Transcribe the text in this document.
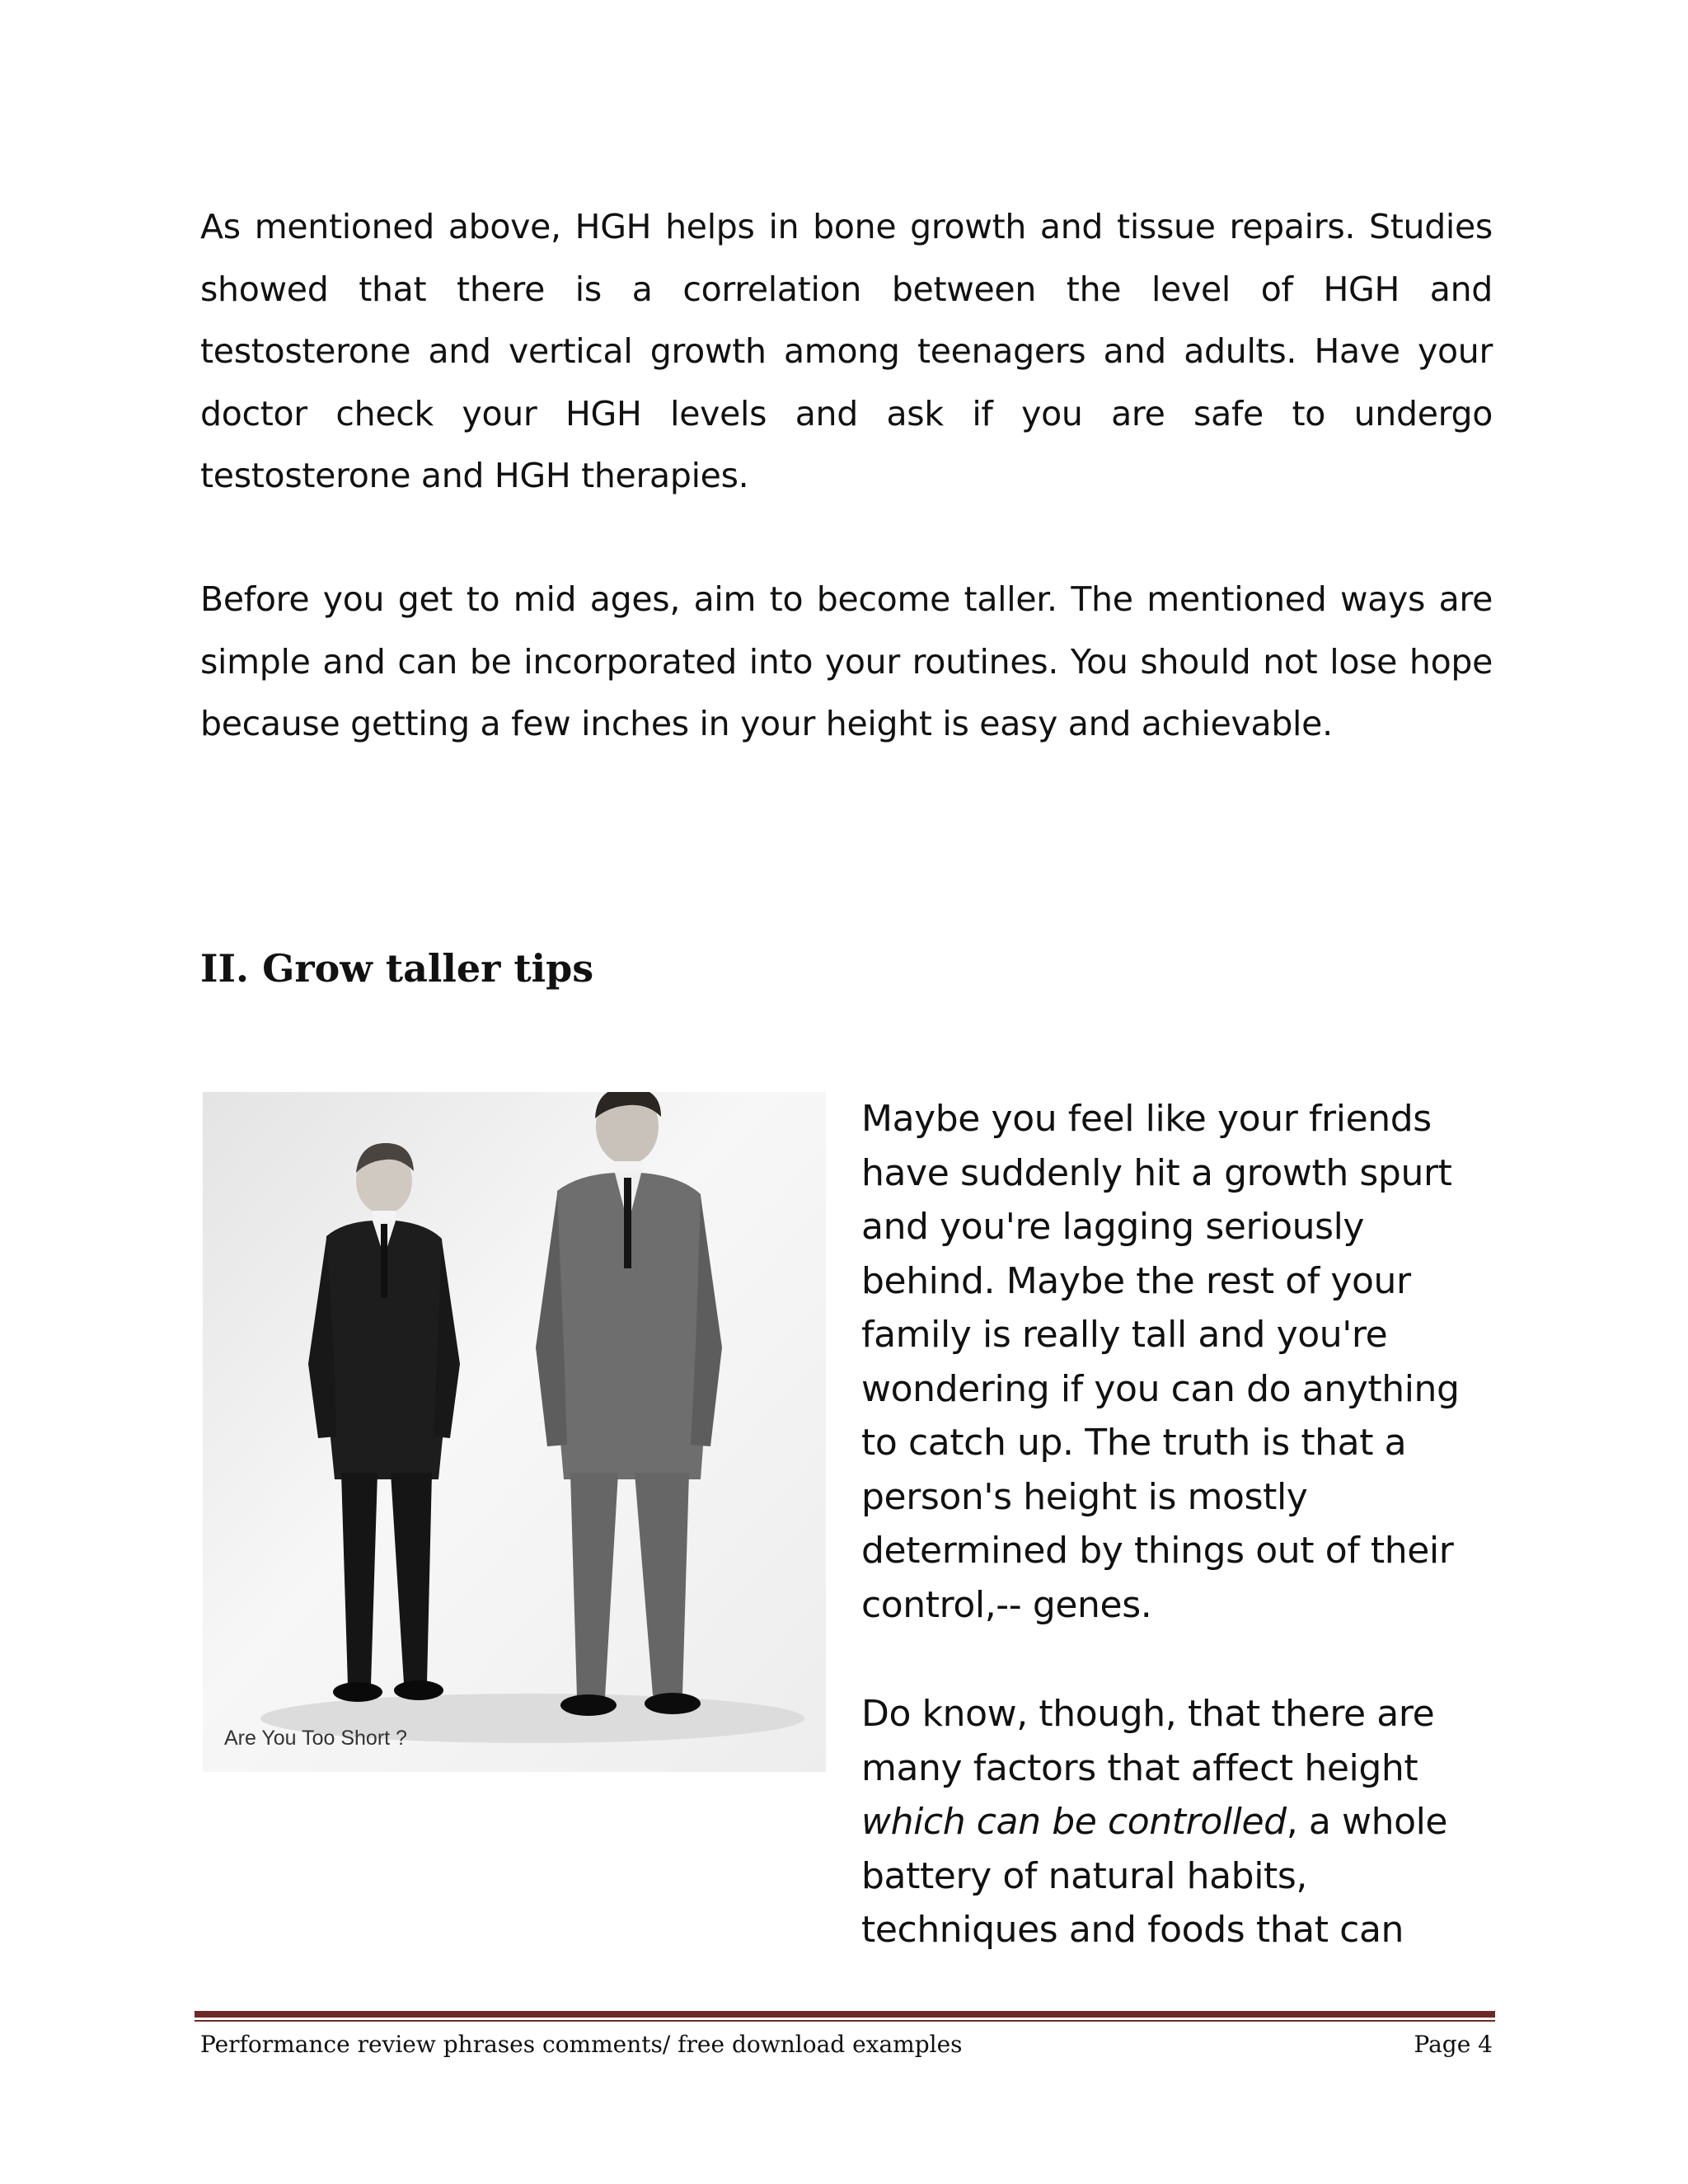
As mentioned above, HGH helps in bone growth and tissue repairs. Studies showed that there is a correlation between the level of HGH and testosterone and vertical growth among teenagers and adults. Have your doctor check your HGH levels and ask if you are safe to undergo testosterone and HGH therapies.

Before you get to mid ages, aim to become taller. The mentioned ways are simple and can be incorporated into your routines. You should not lose hope because getting a few inches in your height is easy and achievable.

II. Grow taller tips
Are You Too Short ?

Maybe you feel like your friends have suddenly hit a growth spurt and you're lagging seriously behind. Maybe the rest of your family is really tall and you're wondering if you can do anything to catch up. The truth is that a person's height is mostly determined by things out of their control,-- genes.

Do know, though, that there are many factors that affect height which can be controlled, a whole battery of natural habits, techniques and foods that can

Performance review phrases comments/ free download examples	Page 4
